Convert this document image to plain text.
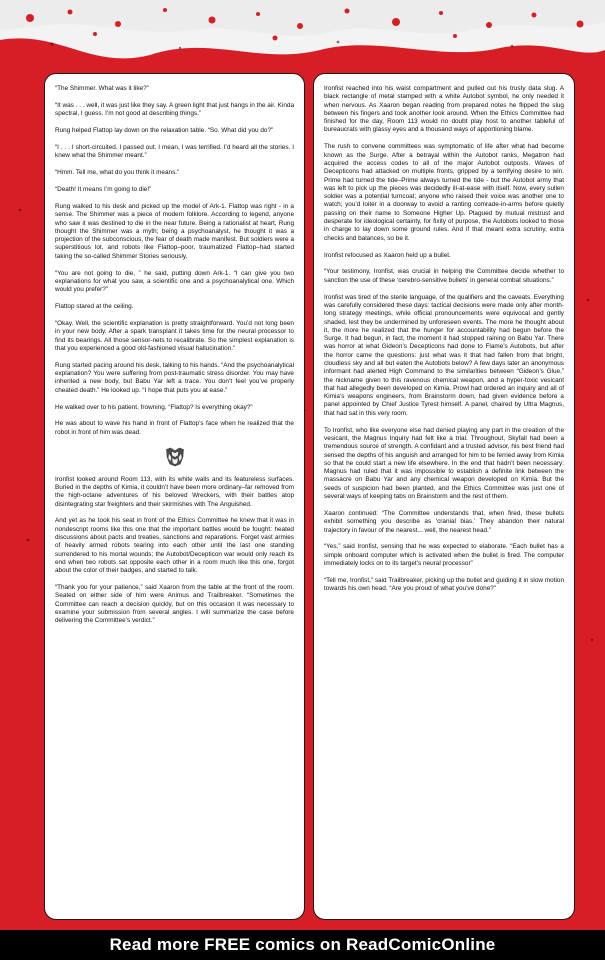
“The Shimmer. What was it like?”

“It was . . . well, it was just like they say. A green light that just hangs in the air. Kinda spectral, I guess. I’m not good at describing things.”

Rung helped Flattop lay down on the relaxation table. “So. What did you do?”

“I . . . I short-circuited. I passed out. I mean, I was terrified. I’d heard all the stories. I knew what the Shimmer meant.”

“Hmm. Tell me, what do you think it means.”

“Death! It means I’m going to die!”

Rung walked to his desk and picked up the model of Ark-1. Flattop was right - in a sense. The Shimmer was a piece of modern folklore. According to legend, anyone who saw it was destined to die in the near future. Being a rationalist at heart, Rung thought the Shimmer was a myth; being a psychoanalyst, he thought it was a projection of the subconscious, the fear of death made manifest. But soldiers were a superstitious lot, and robots like Flattop–poor, traumatized Flattop–had started taking the so-called Shimmer Stories seriously.

“You are not going to die, ” he said, putting down Ark-1. “I can give you two explanations for what you saw, a scientific one and a psychoanalytical one. Which would you prefer?”

Flattop stared at the ceiling.

“Okay. Well, the scientific explanation is pretty straightforward. You’d not long been in your new body. After a spark transplant it takes time for the neural processor to find its bearings. All those sensor-nets to recalibrate. So the simplest explanation is that you experienced a good old-fashioned visual hallucination.”

Rung started pacing around his desk, talking to his hands. “And the psychoanalytical explanation? You were suffering from post-traumatic stress disorder. You may have inherited a new body, but Babu Yar left a trace. You don’t feel you’ve properly cheated death.” He looked up. “I hope that puts you at ease.”

He walked over to his patient, frowning. “Flattop? Is everything okay?”

He was about to wave his hand in front of Flattop’s face when he realized that the robot in front of him was dead.

Ironfist looked around Room 113, with its white walls and its featureless surfaces. Buried in the depths of Kimia, it couldn’t have been more ordinary–far removed from the high-octane adventures of his beloved Wreckers, with their battles atop disintegrating star freighters and their skirmishes with The Anguished.

And yet as he took his seat in front of the Ethics Committee he knew that it was in nondescript rooms like this one that the important battles would be fought: heated discussions about pacts and treaties, sanctions and reparations. Forget vast armies of heavily armed robots tearing into each other until the last one standing surrendered to his mortal wounds; the Autobot/Decepticon war would only reach its end when two robots sat opposite each other in a room much like this one, forgot about the color of their badges, and started to talk.

“Thank you for your patience,” said Xaaron from the table at the front of the room. Seated on either side of him were Animus and Trailbreaker. “Sometimes the Committee can reach a decision quickly, but on this occasion it was necessary to examine your submission from several angles. I will summarize the case before delivering the Committee’s verdict.”

Ironfist reached into his waist compartment and pulled out his trusty data slug. A black rectangle of metal stamped with a white Autobot symbol, he only needed it when nervous. As Xaaron began reading from prepared notes he flipped the slug between his fingers and took another look around. When the Ethics Committee had finished for the day, Room 113 would no doubt play host to another tableful of bureaucrats with glassy eyes and a thousand ways of apportioning blame.

The rush to convene committees was symptomatic of life after what had become known as the Surge. After a betrayal within the Autobot ranks, Megatron had acquired the access codes to all of the major Autobot outposts. Waves of Decepticons had attacked on multiple fronts, gripped by a terrifying desire to win. Prime had turned the tide–Prime always turned the tide - but the Autobot army that was left to pick up the pieces was decidedly ill-at-ease with itself. Now, every sullen soldier was a potential turncoat; anyone who raised their voice was another one to watch; you’d loiter in a doorway to avoid a ranting comrade-in-arms before quietly passing on their name to Someone Higher Up. Plagued by mutual mistrust and desperate for ideological certainty, for fixity of purpose, the Autobots looked to those in charge to lay down some ground rules. And if that meant extra scrutiny, extra checks and balances, so be it.

Ironfist refocused as Xaaron held up a bullet.

“Your testimony, Ironfist, was crucial in helping the Committee decide whether to sanction the use of these ‘cerebro-sensitive bullets’ in general combat situations.”

Ironfist was tired of the sterile language, of the qualifiers and the caveats. Everything was carefully considered these days: tactical decisions were made only after month-long strategy meetings, while official pronouncements were equivocal and gently shaded, lest they be undermined by unforeseen events. The more he thought about it, the more he realized that the hunger for accountability had begun before the Surge. It had begun, in fact, the moment it had stopped raining on Babu Yar. There was horror at what Gideon’s Decepticons had done to Flame’s Autobots, but after the horror came the questions: just what was it that had fallen from that bright, cloudless sky and all but eaten the Autobots below? A few days later an anonymous informant had alerted High Command to the similarities between “Gideon’s Glue,” the nickname given to this ravenous chemical weapon, and a hyper-toxic vesicant that had allegedly been developed on Kimia. Prowl had ordered an inquiry and all of Kimia’s weapons engineers, from Brainstorm down, had given evidence before a panel appointed by Chief Justice Tyrest himself. A panel, chaired by Ultra Magnus, that had sat in this very room.

To Ironfist, who like everyone else had denied playing any part in the creation of the vesicant, the Magnus Inquiry had felt like a trial. Throughout, Skyfall had been a tremendous source of strength. A confidant and a trusted advisor, his best friend had sensed the depths of his anguish and arranged for him to be ferried away from Kimia so that he could start a new life elsewhere. In the end that hadn’t been necessary: Magnus had ruled that it was impossible to establish a definite link between the massacre on Babu Yar and any chemical weapon developed on Kimia. But the seeds of suspicion had been planted, and the Ethics Committee was just one of several ways of keeping tabs on Brainstorm and the rest of them.

Xaaron continued: “The Committee understands that, when fired, these bullets exhibit something you describe as ‘cranial bias.’ They abandon their natural trajectory in favour of the nearest... well, the nearest head.”

“Yes,” said Ironfist, sensing that he was expected to elaborate. “Each bullet has a simple onboard computer which is activated when the bullet is fired. The computer immediately locks on to its target’s neural processor”

“Tell me, Ironfist,” said Trailbreaker, picking up the bullet and guiding it in slow motion towards his own head. “Are you proud of what you’ve done?”

Read more FREE comics on ReadComicOnline
